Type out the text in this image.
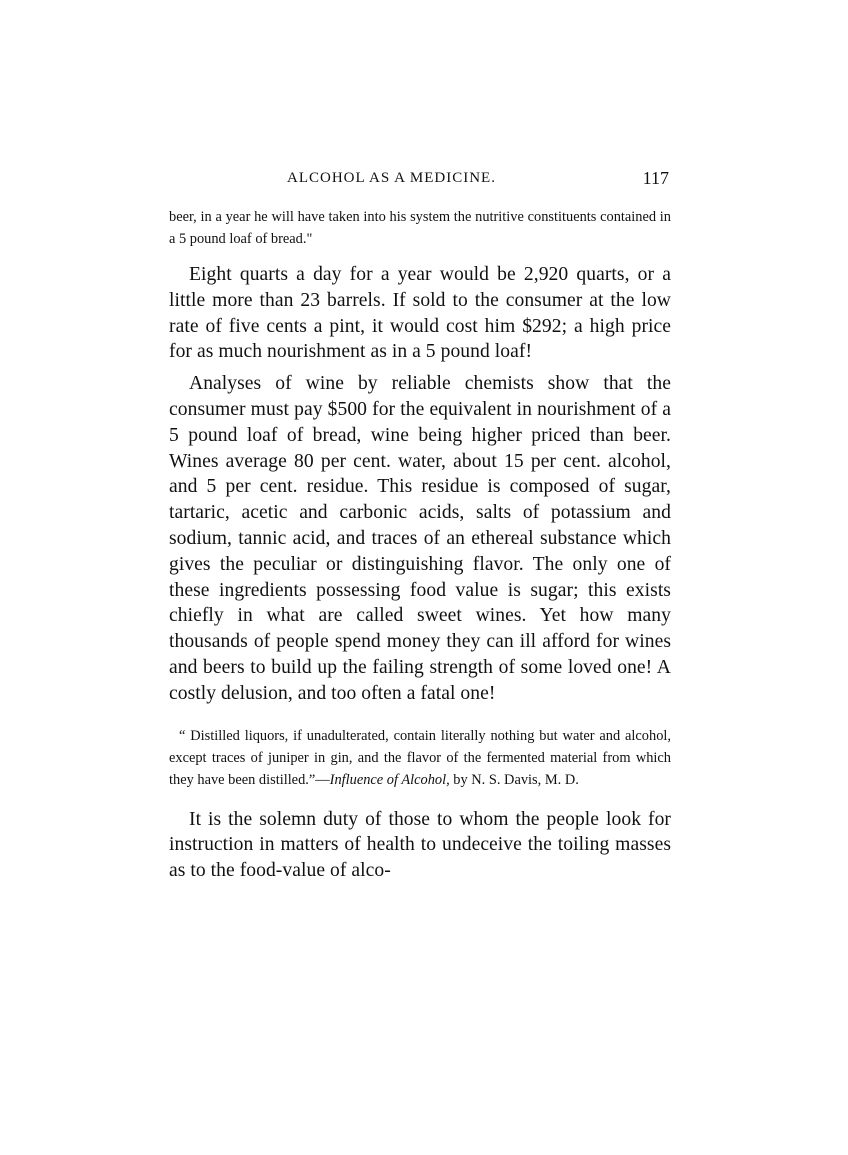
ALCOHOL AS A MEDICINE.	117

beer, in a year he will have taken into his system the nutritive constituents contained in a 5 pound loaf of bread."

Eight quarts a day for a year would be 2,920 quarts, or a little more than 23 barrels. If sold to the consumer at the low rate of five cents a pint, it would cost him $292; a high price for as much nourishment as in a 5 pound loaf!

Analyses of wine by reliable chemists show that the consumer must pay $500 for the equivalent in nourishment of a 5 pound loaf of bread, wine being higher priced than beer. Wines average 80 per cent. water, about 15 per cent. alcohol, and 5 per cent. residue. This residue is composed of sugar, tartaric, acetic and carbonic acids, salts of potassium and sodium, tannic acid, and traces of an ethereal substance which gives the peculiar or distinguishing flavor. The only one of these ingredients possessing food value is sugar; this exists chiefly in what are called sweet wines. Yet how many thousands of people spend money they can ill afford for wines and beers to build up the failing strength of some loved one! A costly delusion, and too often a fatal one!

“ Distilled liquors, if unadulterated, contain literally nothing but water and alcohol, except traces of juniper in gin, and the flavor of the fermented material from which they have been distilled.”—Influence of Alcohol, by N. S. Davis, M. D.

It is the solemn duty of those to whom the people look for instruction in matters of health to undeceive the toiling masses as to the food-value of alco-
